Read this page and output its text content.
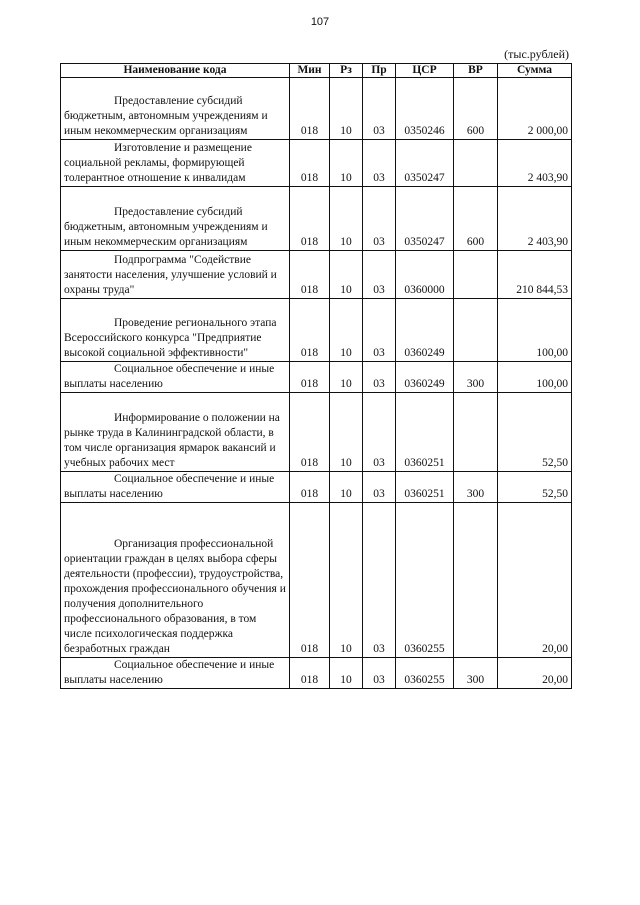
107
(тыс.рублей)
Наименование кода	Мин	Рз	Пр	ЦСР	ВР	Сумма
Предоставление субсидий бюджетным, автономным учреждениям и иным некоммерческим организациям	018	10	03	0350246	600	2 000,00
Изготовление и размещение социальной рекламы, формирующей толерантное отношение к инвалидам	018	10	03	0350247		2 403,90
Предоставление субсидий бюджетным, автономным учреждениям и иным некоммерческим организациям	018	10	03	0350247	600	2 403,90
Подпрограмма "Содействие занятости населения, улучшение условий и охраны труда"	018	10	03	0360000		210 844,53
Проведение регионального этапа Всероссийского конкурса "Предприятие высокой социальной эффективности"	018	10	03	0360249		100,00
Социальное обеспечение и иные выплаты населению	018	10	03	0360249	300	100,00
Информирование о положении на рынке труда в Калининградской области, в том числе организация ярмарок вакансий и учебных рабочих мест	018	10	03	0360251		52,50
Социальное обеспечение и иные выплаты населению	018	10	03	0360251	300	52,50
Организация профессиональной ориентации граждан в целях выбора сферы деятельности (профессии), трудоустройства, прохождения профессионального обучения и получения дополнительного профессионального образования, в том числе психологическая поддержка безработных граждан	018	10	03	0360255		20,00
Социальное обеспечение и иные выплаты населению	018	10	03	0360255	300	20,00
